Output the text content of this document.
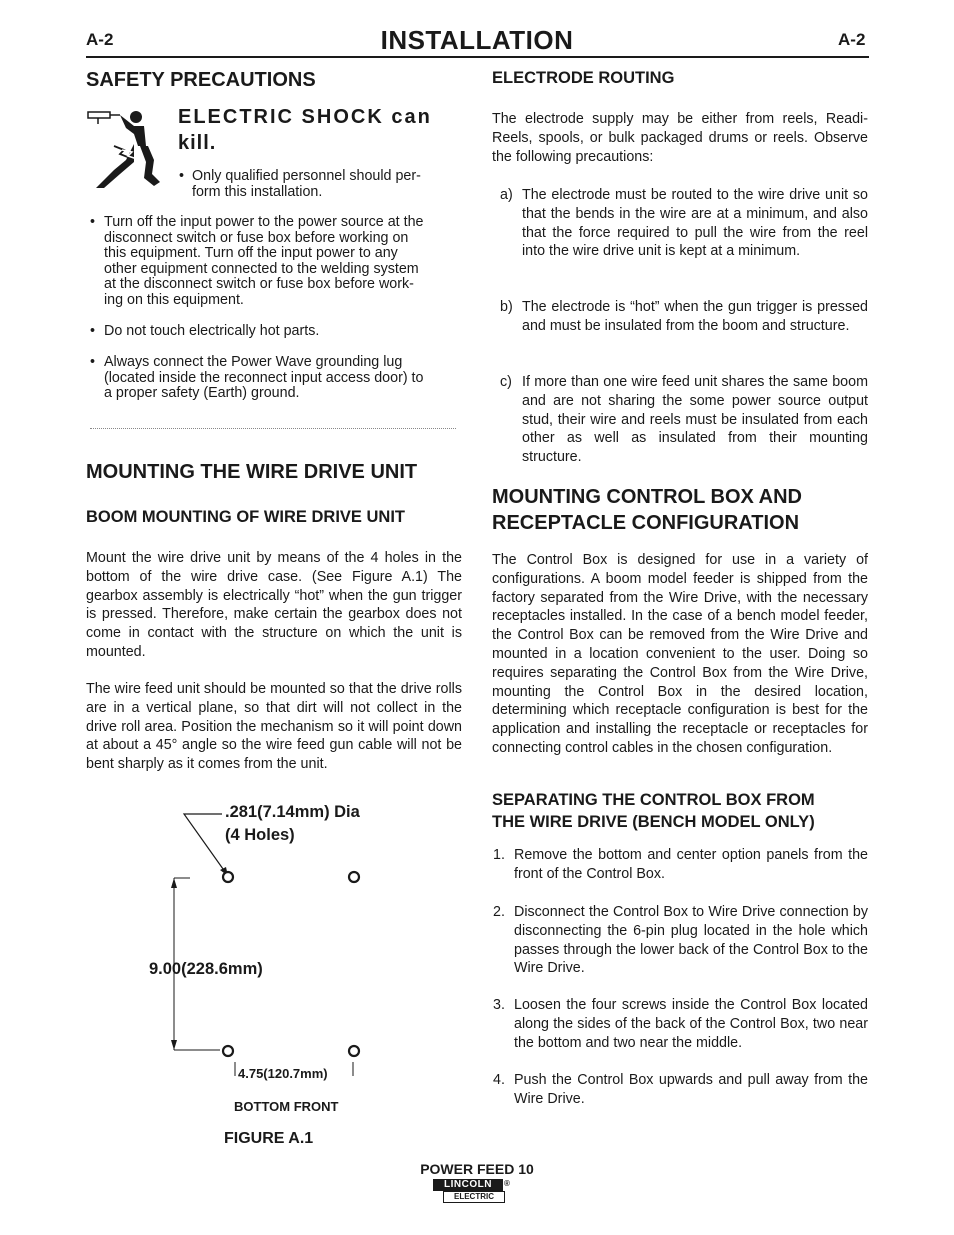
A-2	INSTALLATION	A-2
SAFETY PRECAUTIONS
ELECTRIC SHOCK can
kill.
• Only qualified personnel should per-
form this installation.
• Turn off the input power to the power source at the
disconnect switch or fuse box before working on
this equipment. Turn off the input power to any
other equipment connected to the welding system
at the disconnect switch or fuse box before work-
ing on this equipment.
• Do not touch electrically hot parts.
• Always connect the Power Wave grounding lug
(located inside the reconnect input access door) to
a proper safety (Earth) ground.
MOUNTING THE WIRE DRIVE UNIT
BOOM MOUNTING OF WIRE DRIVE UNIT
Mount the wire drive unit by means of the 4 holes in the bottom of the wire drive case. (See Figure A.1) The gearbox assembly is electrically “hot” when the gun trigger is pressed. Therefore, make certain the gearbox does not come in contact with the structure on which the unit is mounted.
The wire feed unit should be mounted so that the drive rolls are in a vertical plane, so that dirt will not collect in the drive roll area. Position the mechanism so it will point down at about a 45° angle so the wire feed gun cable will not be bent sharply as it comes from the unit.
.281(7.14mm) Dia
(4 Holes)
9.00(228.6mm)
4.75(120.7mm)
BOTTOM FRONT
FIGURE A.1
ELECTRODE ROUTING
The electrode supply may be either from reels, Readi-Reels, spools, or bulk packaged drums or reels. Observe the following precautions:
a) The electrode must be routed to the wire drive unit so that the bends in the wire are at a minimum, and also that the force required to pull the wire from the reel into the wire drive unit is kept at a minimum.
b) The electrode is “hot” when the gun trigger is pressed and must be insulated from the boom and structure.
c) If more than one wire feed unit shares the same boom and are not sharing the some power source output stud, their wire and reels must be insulated from each other as well as insulated from their mounting structure.
MOUNTING CONTROL BOX AND
RECEPTACLE CONFIGURATION
The Control Box is designed for use in a variety of configurations. A boom model feeder is shipped from the factory separated from the Wire Drive, with the necessary receptacles installed. In the case of a bench model feeder, the Control Box can be removed from the Wire Drive and mounted in a location convenient to the user. Doing so requires separating the Control Box from the Wire Drive, mounting the Control Box in the desired location, determining which receptacle configuration is best for the application and installing the receptacle or receptacles for connecting control cables in the chosen configuration.
SEPARATING THE CONTROL BOX FROM
THE WIRE DRIVE (BENCH MODEL ONLY)
1. Remove the bottom and center option panels from the front of the Control Box.
2. Disconnect the Control Box to Wire Drive connection by disconnecting the 6-pin plug located in the hole which passes through the lower back of the Control Box to the Wire Drive.
3. Loosen the four screws inside the Control Box located along the sides of the back of the Control Box, two near the bottom and two near the middle.
4. Push the Control Box upwards and pull away from the Wire Drive.
POWER FEED 10
LINCOLN
ELECTRIC
®
